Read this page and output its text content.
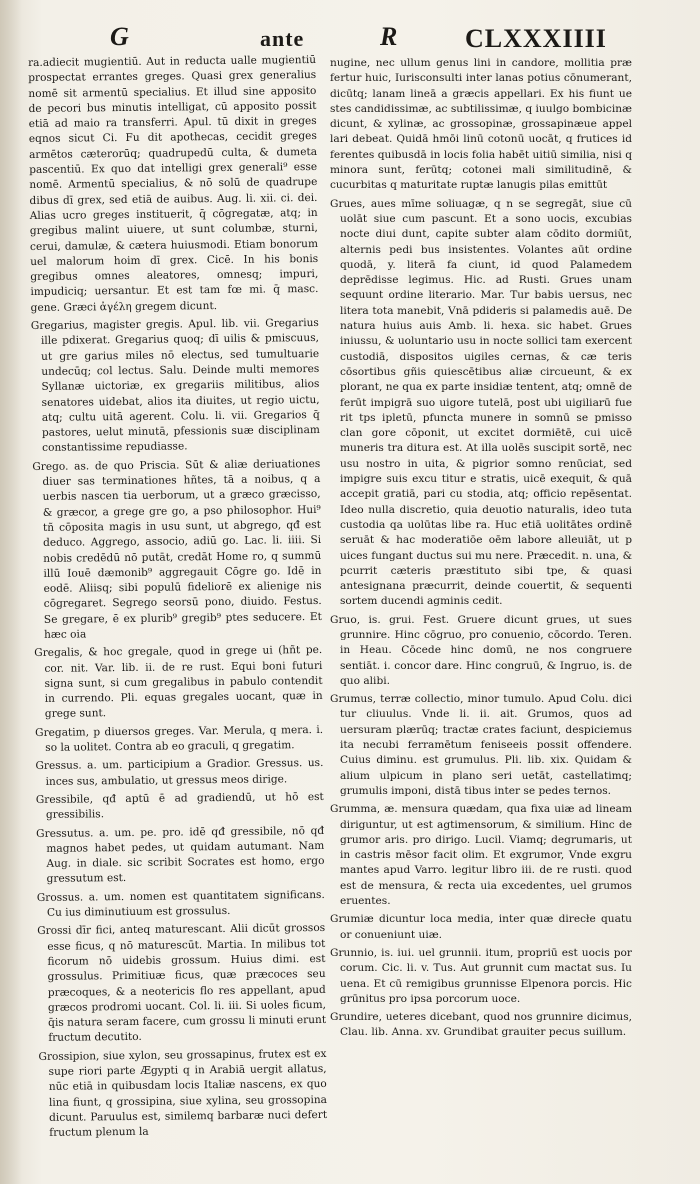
G	ante	R	CLXXXIIII

ra.adiecit mugientiū. Aut in reducta ualle mugientiū prospectat errantes greges. Quasi grex generalius nomē sit armentū specialius. Et illud sine apposito de pecori bus minutis intelligat, cū apposito possit etiā ad maio ra transferri. Apul. tū dixit in greges eqnos sicut Ci. Fu dit apothecas, cecidit greges armētos cæterorūq; quadrupedū culta, & dumeta pascentiū. Ex quo dat intelligi grex generali⁹ esse nomē. Armentū specialius, & nō solū de quadrupe dibus dī grex, sed etiā de auibus. Aug. li. xii. ci. dei. Alias ucro greges instituerit, q̄ cōgregatæ, atq; in gregibus malint uiuere, ut sunt columbæ, sturni, cerui, damulæ, & cætera huiusmodi. Etiam bonorum uel malorum hoim dī grex. Cicē. In his bonis gregibus omnes aleatores, omnesq; impuri, impudiciq; uersantur. Et est tam fœ mi. q̄ masc. gene. Græci ἀγέλη gregem dicunt.

Gregarius, magister gregis. Apul. lib. vii. Gregarius ille pdixerat. Gregarius quoq; dī uilis & pmiscuus, ut gre garius miles nō electus, sed tumultuarie undecūq; col lectus. Salu. Deinde multi memores Syllanæ uictoriæ, ex gregariis militibus, alios senatores uidebat, alios ita diuites, ut regio uictu, atq; cultu uitā agerent. Colu. li. vii. Gregarios q̄ pastores, uelut minutā, pfessionis suæ disciplinam constantissime repudiasse.

Grego. as. de quo Priscia. Sūt & aliæ deriuationes diuer sas terminationes hñtes, tā a noibus, q a uerbis nascen tia uerborum, ut a græco græcisso, & græcor, a grege gre go, a pso philosophor. Hui⁹ tñ cōposita magis in usu sunt, ut abgrego, qđ est deduco. Aggrego, associo, adiū go. Lac. li. iiii. Si nobis credēdū nō putāt, credāt Home ro, q summū illū Iouē dæmonib⁹ aggregauit Cōgre go. Idē in eodē. Aliisq; sibi populū fideliorē ex alienige nis cōgregaret. Segrego seorsū pono, diuido. Festus. Se gregare, ē ex plurib⁹ gregib⁹ ptes seducere. Et hæc oia

Gregalis, & hoc gregale, quod in grege ui (hñt pe. cor. nit. Var. lib. ii. de re rust. Equi boni futuri signa sunt, si cum gregalibus in pabulo contendit in currendo. Pli. equas gregales uocant, quæ in grege sunt.

Gregatim, p diuersos greges. Var. Merula, q mera. i. so la uolitet. Contra ab eo graculi, q gregatim.

Gressus. a. um. participium a Gradior. Gressus. us. inces sus, ambulatio, ut gressus meos dirige.

Gressibile, qđ aptū ē ad gradiendū, ut hō est gressibilis.

Gressutus. a. um. pe. pro. idē qđ gressibile, nō qđ magnos habet pedes, ut quidam autumant. Nam Aug. in diale. sic scribit Socrates est homo, ergo gressutum est.

Grossus. a. um. nomen est quantitatem significans. Cu ius diminutiuum est grossulus.

Grossi dīr fici, anteq maturescant. Alii dicūt grossos esse ficus, q nō maturescūt. Martia. In milibus tot ficorum nō uidebis grossum. Huius dimi. est grossulus. Primitiuæ ficus, quæ præcoces seu præcoques, & a neotericis flo res appellant, apud græcos prodromi uocant. Col. li. iii. Si uoles ficum, q̄is natura seram facere, cum grossu li minuti erunt fructum decutito.

Grossipion, siue xylon, seu grossapinus, frutex est ex supe riori parte Ægypti q in Arabiā uergit allatus, nūc etiā in quibusdam locis Italiæ nascens, ex quo lina fiunt, q grossipina, siue xylina, seu grossopina dicunt. Paruulus est, similemq barbaræ nuci defert fructum plenum la

nugine, nec ullum genus lini in candore, mollitia præ fertur huic, Iurisconsulti inter lanas potius cōnumerant, dicūtq; lanam lineā a græcis appellari. Ex his fiunt ue stes candidissimæ, ac subtilissimæ, q iuulgo bombicinæ dicunt, & xylinæ, ac grossopinæ, grossapinæue appel lari debeat. Quidā hmōi linū cotonū uocāt, q frutices id ferentes quibusdā in locis folia habēt uitiū similia, nisi q minora sunt, ferūtq; cotonei mali similitudinē, & cucurbitas q maturitate ruptæ lanugis pilas emittūt

Grues, aues mīme soliuagæ, q n se segregāt, siue cū uolāt siue cum pascunt. Et a sono uocis, excubias nocte diui dunt, capite subter alam cōdito dormiūt, alternis pedi bus insistentes. Volantes aūt ordine quodā, y. literā fa ciunt, id quod Palamedem deprēdisse legimus. Hic. ad Rusti. Grues unam sequunt ordine literario. Mar. Tur babis uersus, nec litera tota manebit, Vnā pdideris si palamedis auē. De natura huius auis Amb. li. hexa. sic habet. Grues iniussu, & uoluntario usu in nocte sollici tam exercent custodiā, dispositos uigiles cernas, & cæ teris cōsortibus gñis quiescētibus aliæ circueunt, & ex plorant, ne qua ex parte insidiæ tentent, atq; omnē de ferūt impigrā suo uigore tutelā, post ubi uigiliarū fue rit tps ipletū, pfuncta munere in somnū se pmisso clan gore cōponit, ut excitet dormiētē, cui uicē muneris tra ditura est. At illa uolēs suscipit sortē, nec usu nostro in uita, & pigrior somno renūciat, sed impigre suis excu titur e stratis, uicē exequit, & quā accepit gratiā, pari cu stodia, atq; officio repēsentat. Ideo nulla discretio, quia deuotio naturalis, ideo tuta custodia qa uolūtas libe ra. Huc etiā uolitātes ordinē seruāt & hac moderatiōe oēm labore alleuiāt, ut p uices fungant ductus sui mu nere. Præcedit. n. una, & pcurrit cæteris præstituto sibi tpe, & quasi antesignana præcurrit, deinde couertit, & sequenti sortem ducendi agminis cedit.

Gruo, is. grui. Fest. Gruere dicunt grues, ut sues grunnire. Hinc cōgruo, pro conuenio, cōcordo. Teren. in Heau. Cōcede hinc domū, ne nos congruere sentiāt. i. concor dare. Hinc congruū, & Ingruo, is. de quo alibi.

Grumus, terræ collectio, minor tumulo. Apud Colu. dici tur cliuulus. Vnde li. ii. ait. Grumos, quos ad uersuram plærūq; tractæ crates faciunt, despiciemus ita necubi ferramētum feniseeis possit offendere. Cuius diminu. est grumulus. Pli. lib. xix. Quidam & alium ulpicum in plano seri uetāt, castellatimq; grumulis imponi, distā tibus inter se pedes ternos.

Grumma, æ. mensura quædam, qua fixa uiæ ad lineam diriguntur, ut est agtimensorum, & similium. Hinc de grumor aris. pro dirigo. Lucil. Viamq; degrumaris, ut in castris mēsor facit olim. Et exgrumor, Vnde exgru mantes apud Varro. legitur libro iii. de re rusti. quod est de mensura, & recta uia excedentes, uel grumos eruentes.

Grumiæ dicuntur loca media, inter quæ direcłe quatu or conueniunt uiæ.

Grunnio, is. iui. uel grunnii. itum, propriū est uocis por corum. Cic. li. v. Tus. Aut grunnit cum mactat sus. Iu uena. Et cū remigibus grunnisse Elpenora porcis. Hic grūnitus pro ipsa porcorum uoce.

Grundire, ueteres dicebant, quod nos grunnire dicimus, Clau. lib. Anna. xv. Grundibat grauiter pecus suillum.
